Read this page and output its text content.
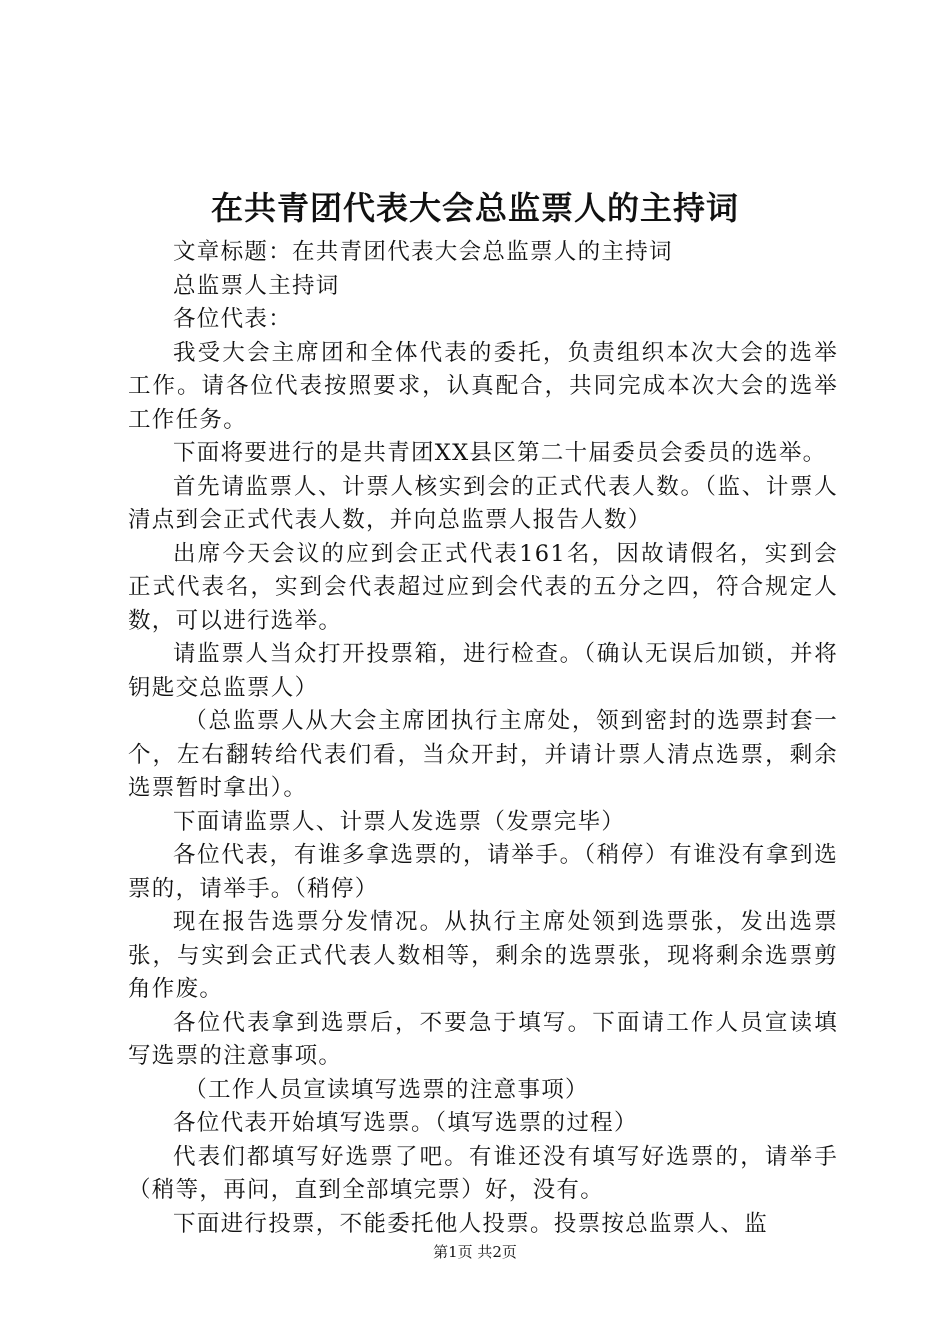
在共青团代表大会总监票人的主持词

文章标题：在共青团代表大会总监票人的主持词

总监票人主持词

各位代表：

我受大会主席团和全体代表的委托，负责组织本次大会的选举工作。请各位代表按照要求，认真配合，共同完成本次大会的选举工作任务。

下面将要进行的是共青团XX县区第二十届委员会委员的选举。

首先请监票人、计票人核实到会的正式代表人数。（监、计票人清点到会正式代表人数，并向总监票人报告人数）

出席今天会议的应到会正式代表161名，因故请假名，实到会正式代表名，实到会代表超过应到会代表的五分之四，符合规定人数，可以进行选举。

请监票人当众打开投票箱，进行检查。（确认无误后加锁，并将钥匙交总监票人）

（总监票人从大会主席团执行主席处，领到密封的选票封套一个，左右翻转给代表们看，当众开封，并请计票人清点选票，剩余选票暂时拿出）。

下面请监票人、计票人发选票（发票完毕）

各位代表，有谁多拿选票的，请举手。（稍停）有谁没有拿到选票的，请举手。（稍停）

现在报告选票分发情况。从执行主席处领到选票张，发出选票张，与实到会正式代表人数相等，剩余的选票张，现将剩余选票剪角作废。

各位代表拿到选票后，不要急于填写。下面请工作人员宣读填写选票的注意事项。

（工作人员宣读填写选票的注意事项）

各位代表开始填写选票。（填写选票的过程）

代表们都填写好选票了吧。有谁还没有填写好选票的，请举手（稍等，再问，直到全部填完票）好，没有。

下面进行投票，不能委托他人投票。投票按总监票人、监

第1页 共2页
